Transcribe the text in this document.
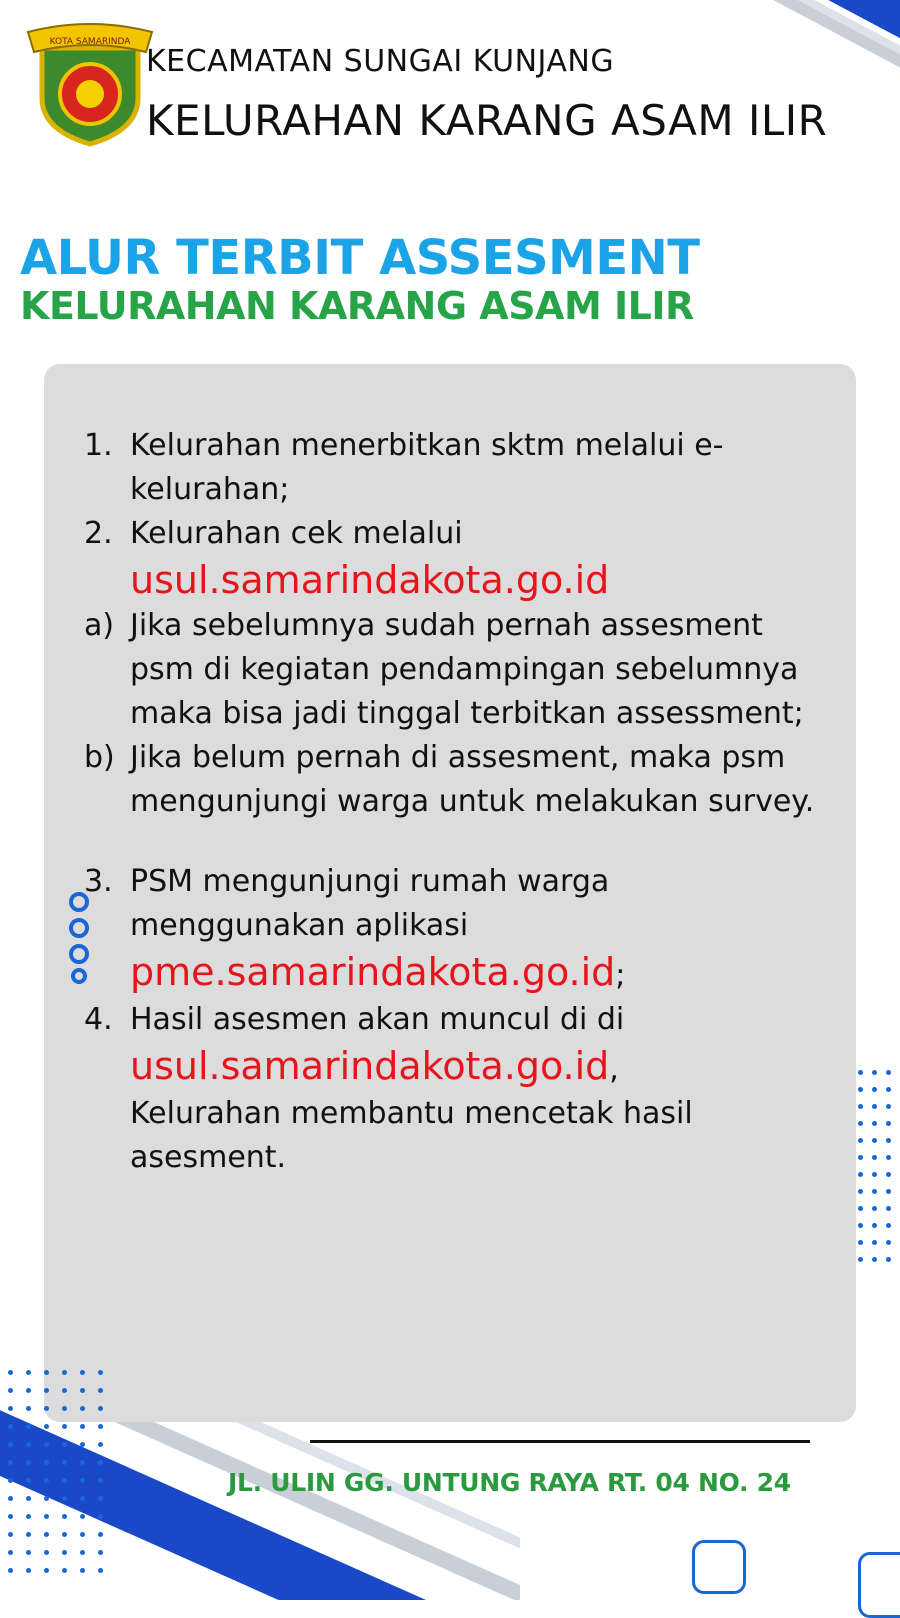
KOTA SAMARINDA
KECAMATAN SUNGAI KUNJANG
KELURAHAN KARANG ASAM ILIR
ALUR TERBIT ASSESMENT
KELURAHAN KARANG ASAM ILIR
1. Kelurahan menerbitkan sktm melalui e-kelurahan;
2. Kelurahan cek melalui
usul.samarindakota.go.id
a) Jika sebelumnya sudah pernah assesment psm di kegiatan pendampingan sebelumnya maka bisa jadi tinggal terbitkan assessment;
b) Jika belum pernah di assesment, maka psm mengunjungi warga untuk melakukan survey.
3. PSM mengunjungi rumah warga menggunakan aplikasi
pme.samarindakota.go.id;
4. Hasil asesmen akan muncul di di
usul.samarindakota.go.id,
Kelurahan membantu mencetak hasil asesment.
JL. ULIN GG. UNTUNG RAYA RT. 04 NO. 24
